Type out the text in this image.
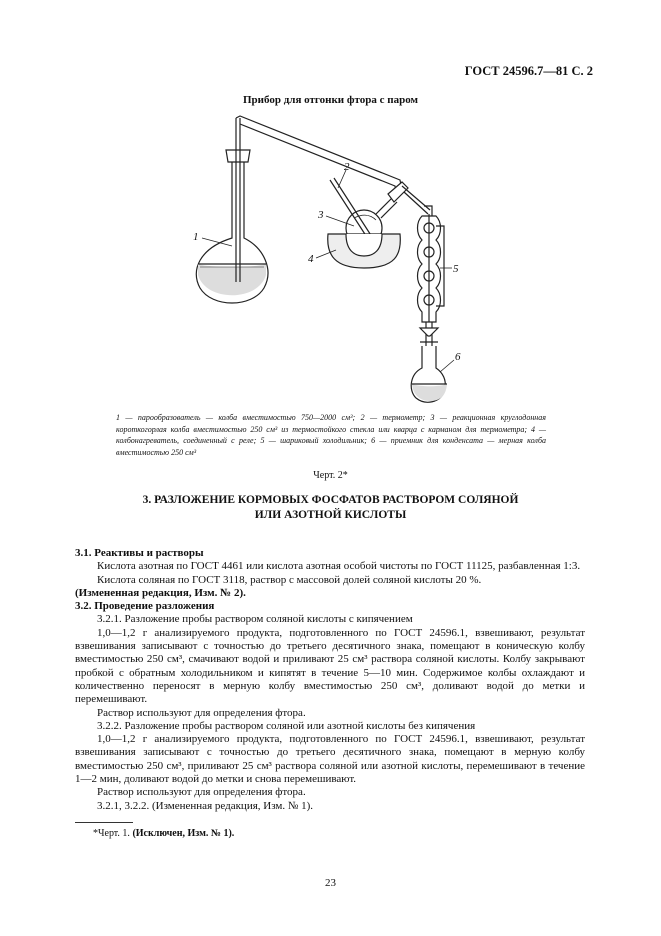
ГОСТ 24596.7—81 С. 2
Прибор для отгонки фтора с паром
1
2
3
4
5
6
1 — парообразователь — колба вместимостью 750—2000 см³; 2 — термометр; 3 — реакционная круглодонная короткогорлая колба вместимостью 250 см³ из термостойкого стекла или кварца с карманом для термометра; 4 — колбонагреватель, соединенный с реле; 5 — шариковый холодильник; 6 — приемник для конденсата — мерная колба вместимостью 250 см³
Черт. 2*
3. РАЗЛОЖЕНИЕ КОРМОВЫХ ФОСФАТОВ РАСТВОРОМ СОЛЯНОЙ
ИЛИ АЗОТНОЙ КИСЛОТЫ

3.1. Реактивы и растворы

Кислота азотная по ГОСТ 4461 или кислота азотная особой чистоты по ГОСТ 11125, разбавленная 1:3.

Кислота соляная по ГОСТ 3118, раствор с массовой долей соляной кислоты 20 %.

(Измененная редакция, Изм. № 2).

3.2. Проведение разложения

3.2.1. Разложение пробы раствором соляной кислоты с кипячением

1,0—1,2 г анализируемого продукта, подготовленного по ГОСТ 24596.1, взвешивают, результат взвешивания записывают с точностью до третьего десятичного знака, помещают в коническую колбу вместимостью 250 см³, смачивают водой и приливают 25 см³ раствора соляной кислоты. Колбу закрывают пробкой с обратным холодильником и кипятят в течение 5—10 мин. Содержимое колбы охлаждают и количественно переносят в мерную колбу вместимостью 250 см³, доливают водой до метки и перемешивают.

Раствор используют для определения фтора.

3.2.2. Разложение пробы раствором соляной или азотной кислоты без кипячения

1,0—1,2 г анализируемого продукта, подготовленного по ГОСТ 24596.1, взвешивают, результат взвешивания записывают с точностью до третьего десятичного знака, помещают в мерную колбу вместимостью 250 см³, приливают 25 см³ раствора соляной или азотной кислоты, перемешивают в течение 1—2 мин, доливают водой до метки и снова перемешивают.

Раствор используют для определения фтора.

3.2.1, 3.2.2. (Измененная редакция, Изм. № 1).

*Черт. 1. (Исключен, Изм. № 1).
23
